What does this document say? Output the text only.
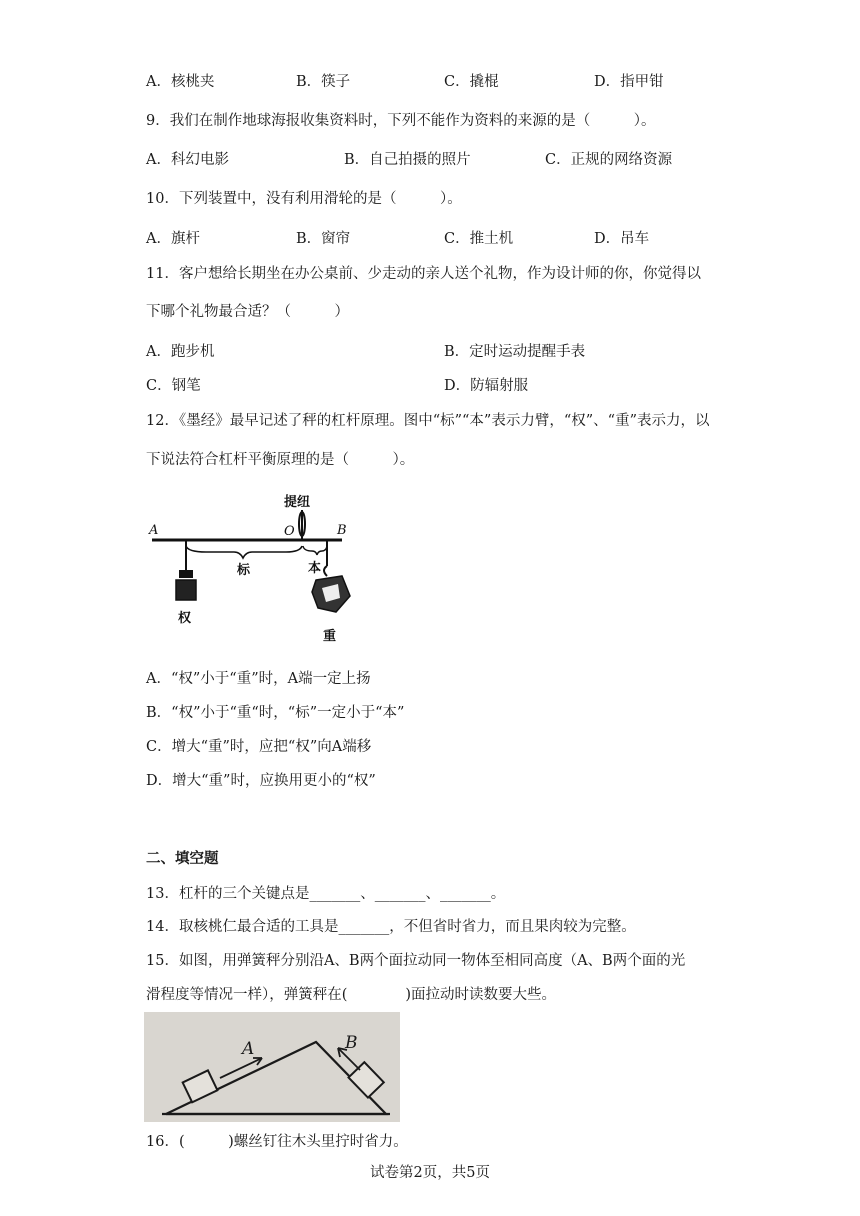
A．核桃夹	B．筷子	C．撬棍	D．指甲钳
9．我们在制作地球海报收集资料时，下列不能作为资料的来源的是（　　　）。
A．科幻电影	B．自己拍摄的照片	C．正规的网络资源
10．下列装置中，没有利用滑轮的是（　　　）。
A．旗杆	B．窗帘	C．推土机	D．吊车
11．客户想给长期坐在办公桌前、少走动的亲人送个礼物，作为设计师的你，你觉得以
下哪个礼物最合适？（　　　）
A．跑步机	B．定时运动提醒手表
C．钢笔	D．防辐射服
12．《墨经》最早记述了秤的杠杆原理。图中“标”“本”表示力臂，“权”、“重”表示力，以
下说法符合杠杆平衡原理的是（　　　）。
A	O	B
提纽
标	本
权
重
A．“权”小于“重”时，A端一定上扬
B．“权”小于“重“时，“标”一定小于“本”
C．增大“重”时，应把“权”向A端移
D．增大“重”时，应换用更小的“权”
二、填空题
13．杠杆的三个关键点是_______、_______、_______。
14．取核桃仁最合适的工具是_______，不但省时省力，而且果肉较为完整。
15．如图，用弹簧秤分别沿A、B两个面拉动同一物体至相同高度（A、B两个面的光
滑程度等情况一样），弹簧秤在(　　　　)面拉动时读数要大些。
A	B
16．(　　　)螺丝钉往木头里拧时省力。
试卷第2页，共5页
